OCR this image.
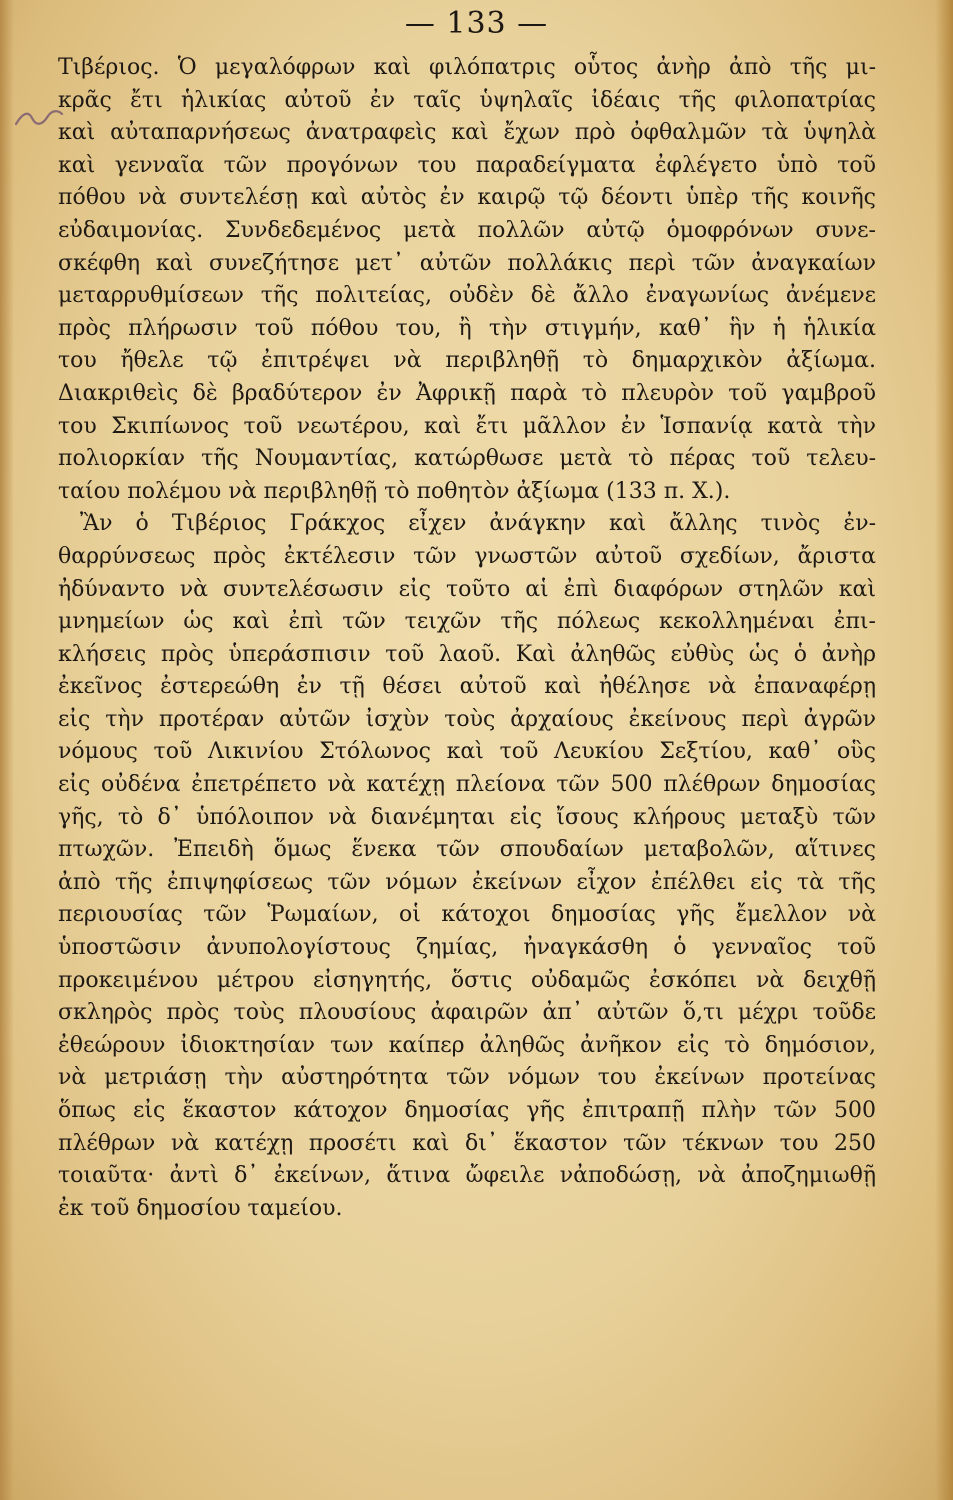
— 133 —
Τιβέριος. Ὁ μεγαλόφρων καὶ φιλόπατρις οὗτος ἀνὴρ ἀπὸ τῆς μι-
κρᾶς ἔτι ἡλικίας αὐτοῦ ἐν ταῖς ὑψηλαῖς ἰδέαις τῆς φιλοπατρίας
καὶ αὐταπαρνήσεως ἀνατραφεὶς καὶ ἔχων πρὸ ὀφθαλμῶν τὰ ὑψηλὰ
καὶ γενναῖα τῶν προγόνων του παραδείγματα ἐφλέγετο ὑπὸ τοῦ
πόθου νὰ συντελέσῃ καὶ αὐτὸς ἐν καιρῷ τῷ δέοντι ὑπὲρ τῆς κοινῆς
εὐδαιμονίας. Συνδεδεμένος μετὰ πολλῶν αὐτῷ ὁμοφρόνων συνε-
σκέφθη καὶ συνεζήτησε μετ᾽ αὐτῶν πολλάκις περὶ τῶν ἀναγκαίων
μεταρρυθμίσεων τῆς πολιτείας, οὐδὲν δὲ ἄλλο ἐναγωνίως ἀνέμενε
πρὸς πλήρωσιν τοῦ πόθου του, ἢ τὴν στιγμήν, καθ᾽ ἣν ἡ ἡλικία
του ἤθελε τῷ ἐπιτρέψει νὰ περιβληθῇ τὸ δημαρχικὸν ἀξίωμα.
Διακριθεὶς δὲ βραδύτερον ἐν Ἀφρικῇ παρὰ τὸ πλευρὸν τοῦ γαμβροῦ
του Σκιπίωνος τοῦ νεωτέρου, καὶ ἔτι μᾶλλον ἐν Ἱσπανίᾳ κατὰ τὴν
πολιορκίαν τῆς Νουμαντίας, κατώρθωσε μετὰ τὸ πέρας τοῦ τελευ-
ταίου πολέμου νὰ περιβληθῇ τὸ ποθητὸν ἀξίωμα (133 π. Χ.).
Ἂν ὁ Τιβέριος Γράκχος εἶχεν ἀνάγκην καὶ ἄλλης τινὸς ἐν-
θαρρύνσεως πρὸς ἐκτέλεσιν τῶν γνωστῶν αὐτοῦ σχεδίων, ἄριστα
ἠδύναντο νὰ συντελέσωσιν εἰς τοῦτο αἱ ἐπὶ διαφόρων στηλῶν καὶ
μνημείων ὡς καὶ ἐπὶ τῶν τειχῶν τῆς πόλεως κεκολλημέναι ἐπι-
κλήσεις πρὸς ὑπεράσπισιν τοῦ λαοῦ. Καὶ ἀληθῶς εὐθὺς ὡς ὁ ἀνὴρ
ἐκεῖνος ἐστερεώθη ἐν τῇ θέσει αὐτοῦ καὶ ἠθέλησε νὰ ἐπαναφέρῃ
εἰς τὴν προτέραν αὐτῶν ἰσχὺν τοὺς ἀρχαίους ἐκείνους περὶ ἀγρῶν
νόμους τοῦ Λικινίου Στόλωνος καὶ τοῦ Λευκίου Σεξτίου, καθ᾽ οὓς
εἰς οὐδένα ἐπετρέπετο νὰ κατέχῃ πλείονα τῶν 500 πλέθρων δημοσίας
γῆς, τὸ δ᾽ ὑπόλοιπον νὰ διανέμηται εἰς ἴσους κλήρους μεταξὺ τῶν
πτωχῶν. Ἐπειδὴ ὅμως ἕνεκα τῶν σπουδαίων μεταβολῶν, αἵτινες
ἀπὸ τῆς ἐπιψηφίσεως τῶν νόμων ἐκείνων εἶχον ἐπέλθει εἰς τὰ τῆς
περιουσίας τῶν Ῥωμαίων, οἱ κάτοχοι δημοσίας γῆς ἔμελλον νὰ
ὑποστῶσιν ἀνυπολογίστους ζημίας, ἠναγκάσθη ὁ γενναῖος τοῦ
προκειμένου μέτρου εἰσηγητής, ὅστις οὐδαμῶς ἐσκόπει νὰ δειχθῇ
σκληρὸς πρὸς τοὺς πλουσίους ἀφαιρῶν ἀπ᾽ αὐτῶν ὅ,τι μέχρι τοῦδε
ἐθεώρουν ἰδιοκτησίαν των καίπερ ἀληθῶς ἀνῆκον εἰς τὸ δημόσιον,
νὰ μετριάσῃ τὴν αὐστηρότητα τῶν νόμων του ἐκείνων προτείνας
ὅπως εἰς ἕκαστον κάτοχον δημοσίας γῆς ἐπιτραπῇ πλὴν τῶν 500
πλέθρων νὰ κατέχῃ προσέτι καὶ δι᾽ ἕκαστον τῶν τέκνων του 250
τοιαῦτα· ἀντὶ δ᾽ ἐκείνων, ἅτινα ὤφειλε νἀποδώσῃ, νὰ ἀποζημιωθῇ
ἐκ τοῦ δημοσίου ταμείου.
